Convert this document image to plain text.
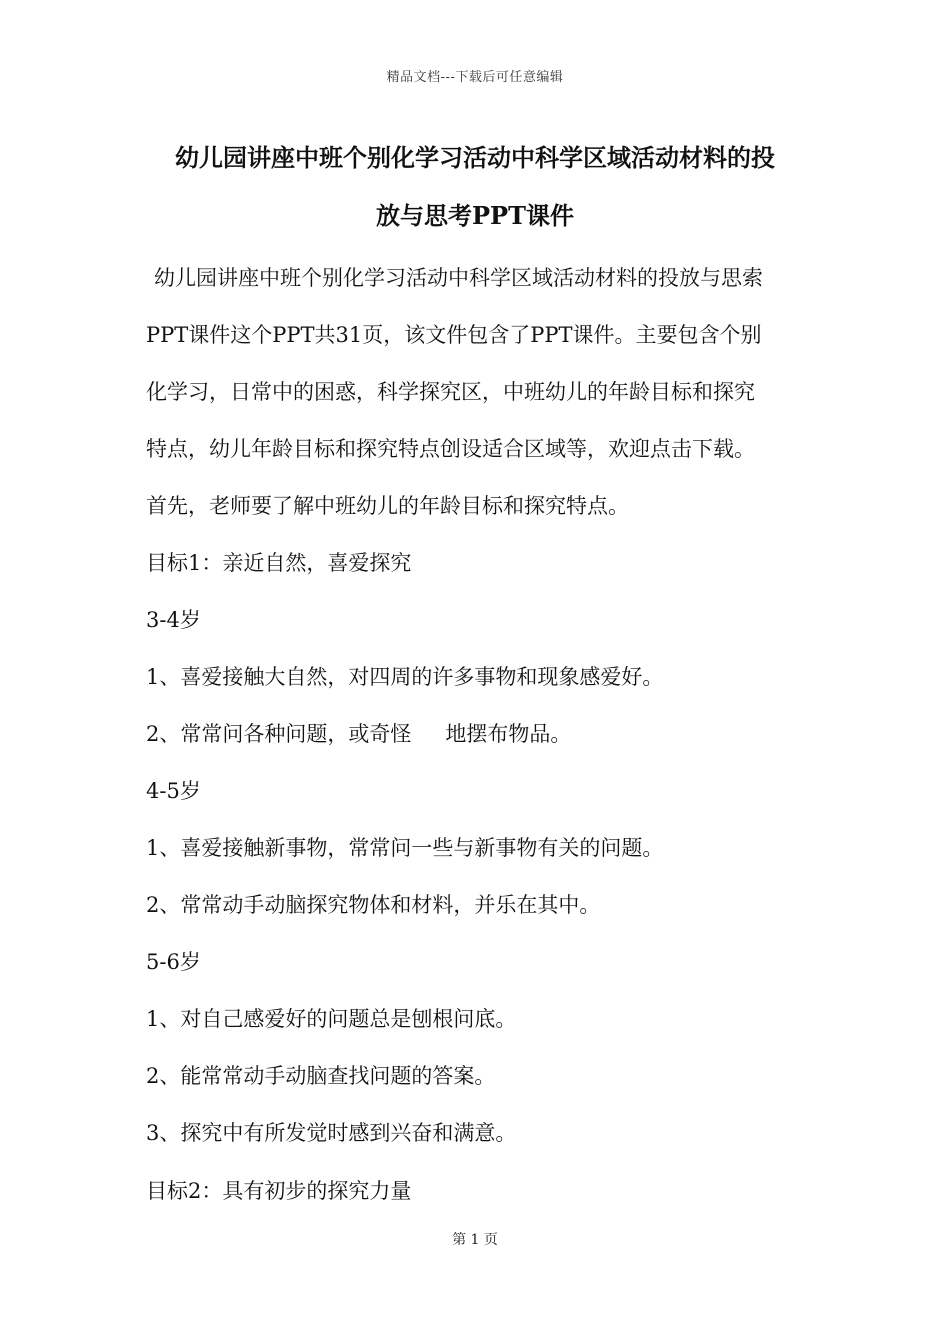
精品文档---下载后可任意编辑
幼儿园讲座中班个别化学习活动中科学区域活动材料的投
放与思考PPT课件
幼儿园讲座中班个别化学习活动中科学区域活动材料的投放与思索
PPT课件这个PPT共31页，该文件包含了PPT课件。主要包含个别
化学习，日常中的困惑，科学探究区，中班幼儿的年龄目标和探究
特点，幼儿年龄目标和探究特点创设适合区域等，欢迎点击下载。
首先，老师要了解中班幼儿的年龄目标和探究特点。
目标1：亲近自然，喜爱探究
3-4岁
1、喜爱接触大自然，对四周的许多事物和现象感爱好。
2、常常问各种问题，或奇怪 地摆布物品。
4-5岁
1、喜爱接触新事物，常常问一些与新事物有关的问题。
2、常常动手动脑探究物体和材料，并乐在其中。
5-6岁
1、对自己感爱好的问题总是刨根问底。
2、能常常动手动脑查找问题的答案。
3、探究中有所发觉时感到兴奋和满意。
目标2：具有初步的探究力量
第 1 页
